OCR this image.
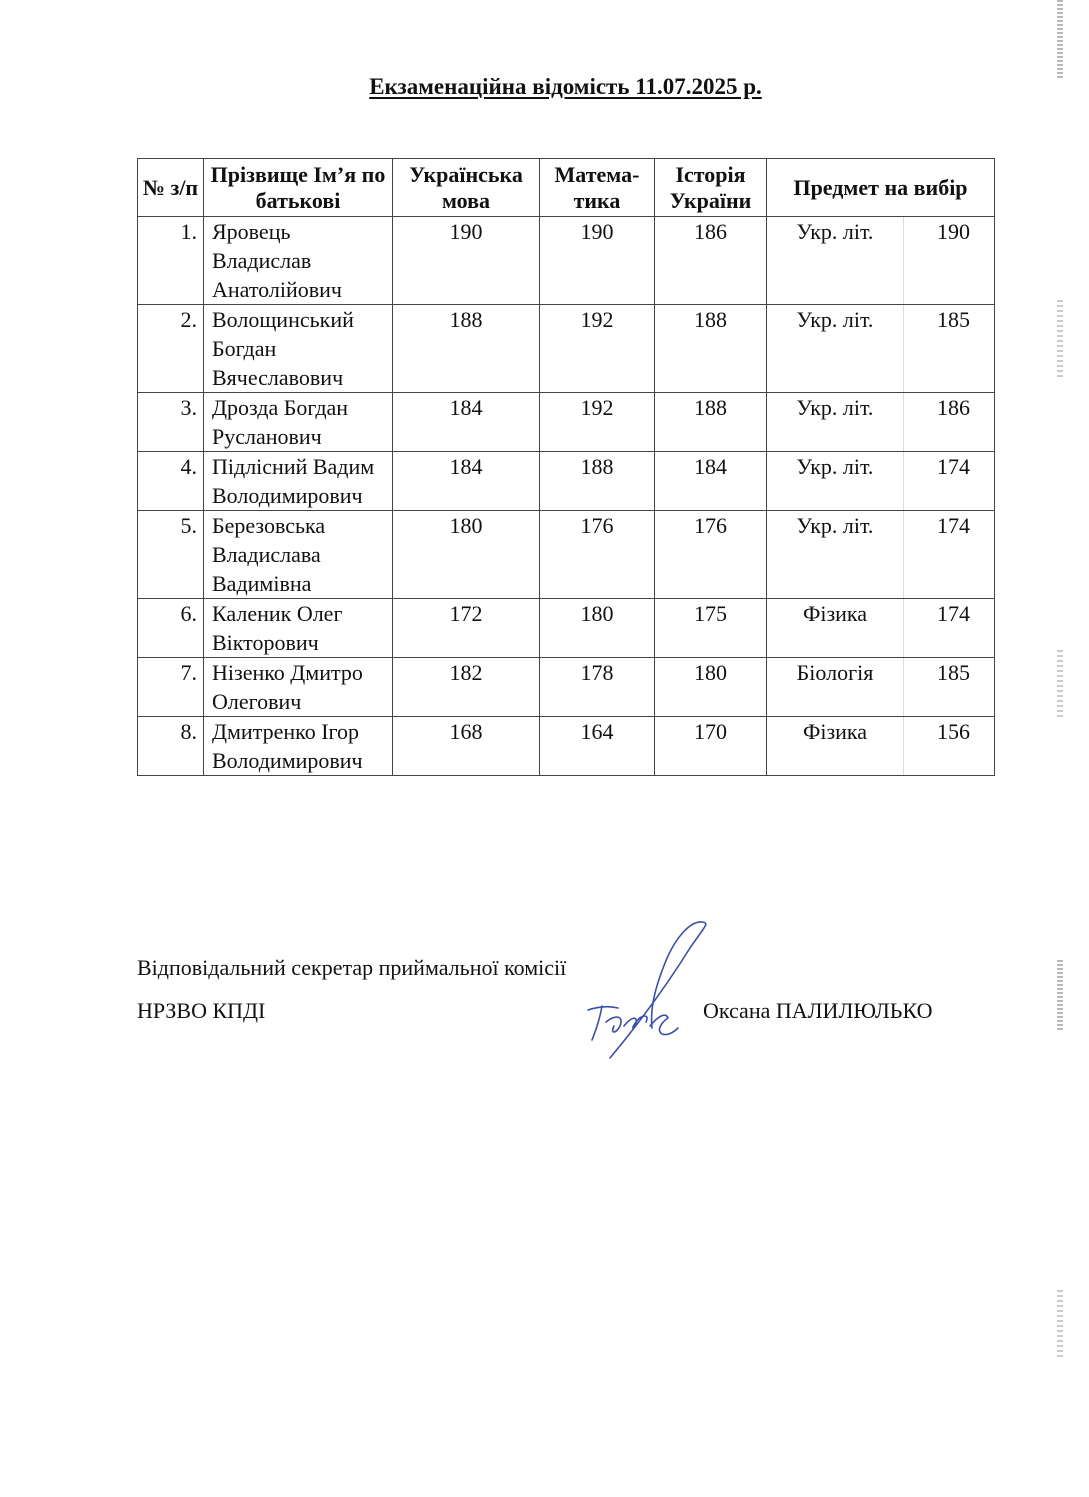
Екзаменаційна відомість 11.07.2025 р.
№ з/п	Прізвище Ім’я по батькові	Українська мова	Матема-тика	Історія України	Предмет на вибір	
1.	Яровець Владислав Анатолійович	190	190	186	Укр. літ.	190
2.	Волощинський Богдан Вячеславович	188	192	188	Укр. літ.	185
3.	Дрозда Богдан Русланович	184	192	188	Укр. літ.	186
4.	Підлісний Вадим Володимирович	184	188	184	Укр. літ.	174
5.	Березовська Владислава Вадимівна	180	176	176	Укр. літ.	174
6.	Каленик Олег Вікторович	172	180	175	Фізика	174
7.	Нізенко Дмитро Олегович	182	178	180	Біологія	185
8.	Дмитренко Ігор Володимирович	168	164	170	Фізика	156
Відповідальний секретар приймальної комісії
НРЗВО КПДІ	Оксана ПАЛИЛЮЛЬКО
